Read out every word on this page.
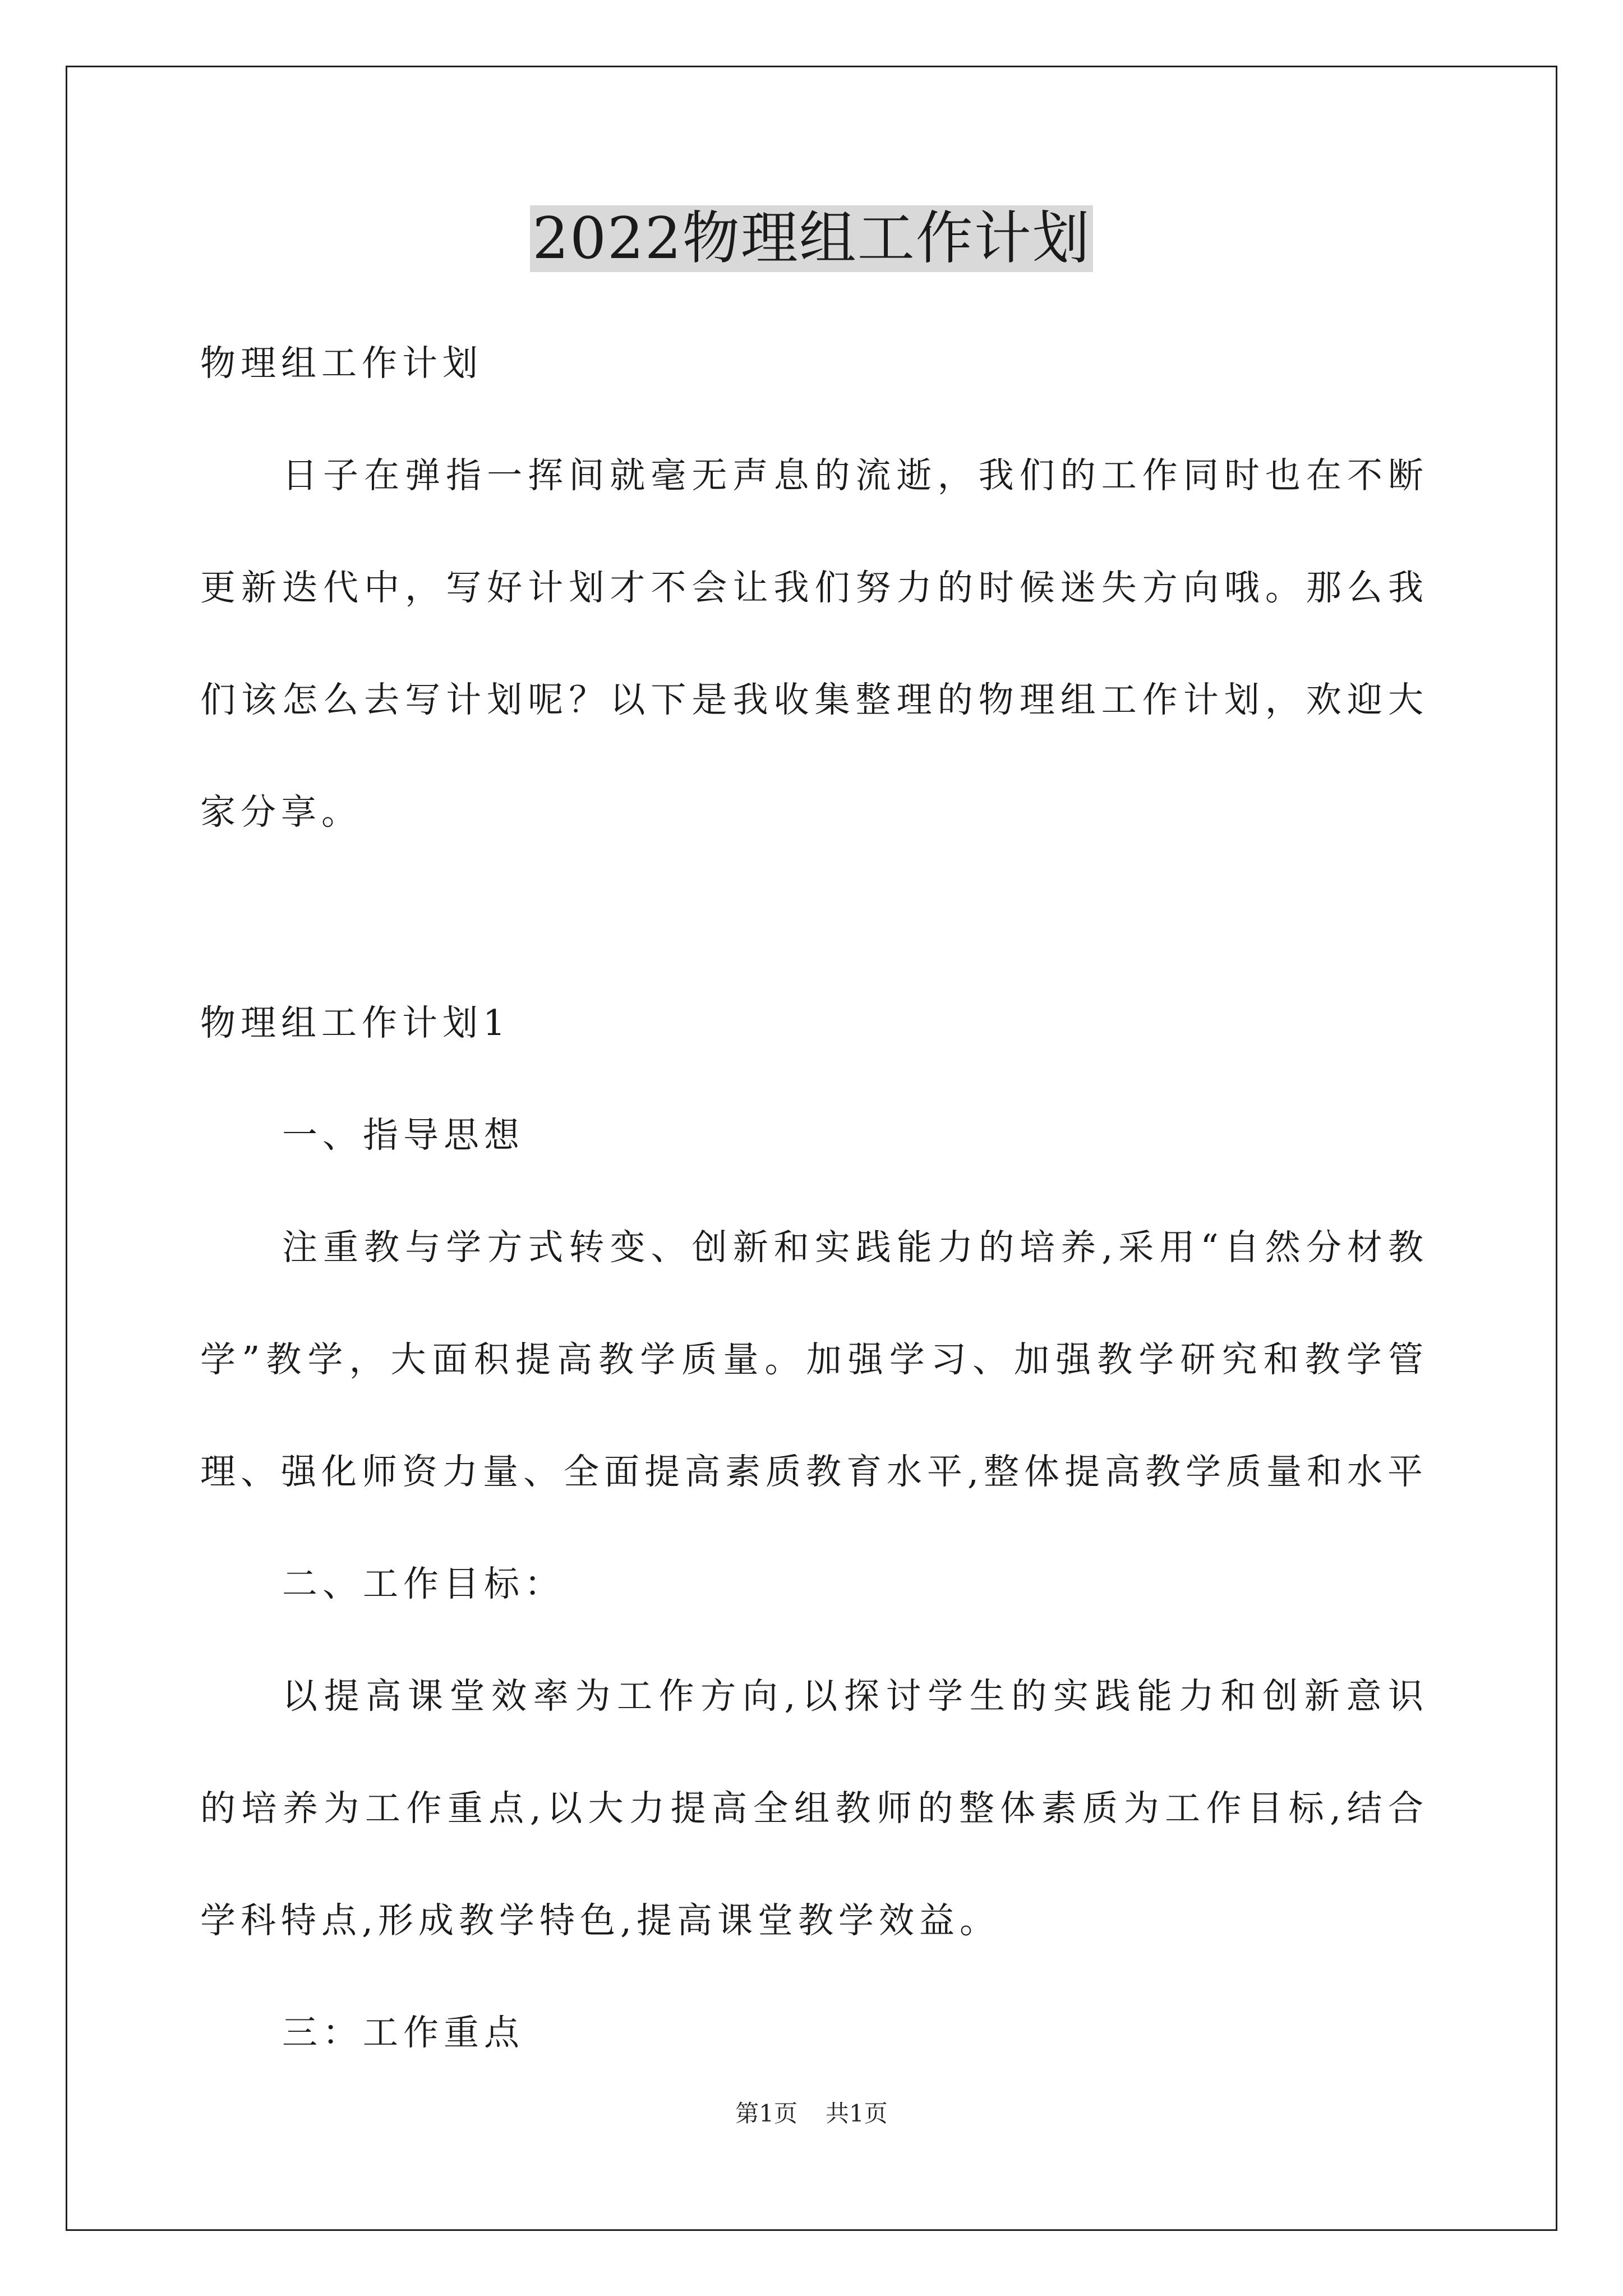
2022物理组工作计划

物理组工作计划

日子在弹指一挥间就毫无声息的流逝，我们的工作同时也在不断更新迭代中，写好计划才不会让我们努力的时候迷失方向哦。那么我们该怎么去写计划呢？以下是我收集整理的物理组工作计划，欢迎大家分享。

物理组工作计划1

一、指导思想

注重教与学方式转变、创新和实践能力的培养,采用“自然分材教学”教学，大面积提高教学质量。加强学习、加强教学研究和教学管理、强化师资力量、全面提高素质教育水平,整体提高教学质量和水平

二、工作目标：

以提高课堂效率为工作方向,以探讨学生的实践能力和创新意识的培养为工作重点,以大力提高全组教师的整体素质为工作目标,结合学科特点,形成教学特色,提高课堂教学效益。

三：工作重点

第1页 共1页
